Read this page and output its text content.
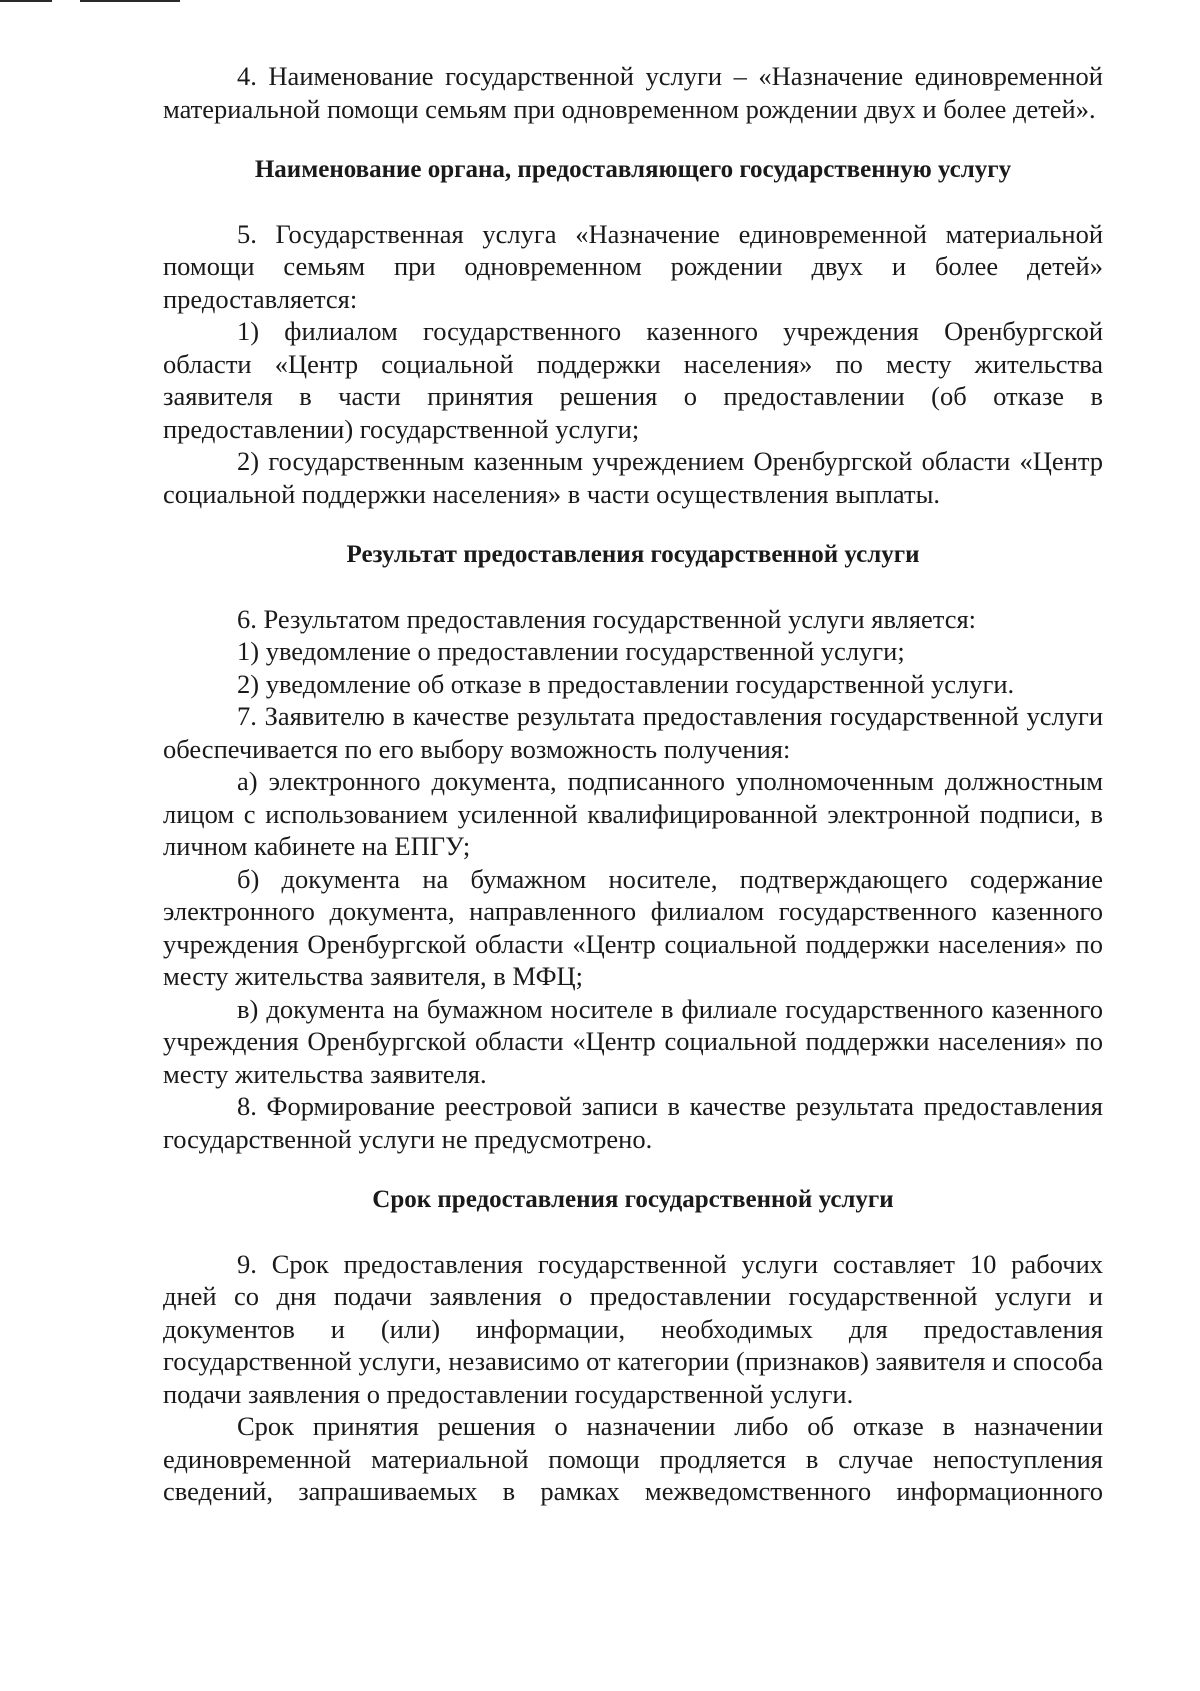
4. Наименование государственной услуги – «Назначение единовременной материальной помощи семьям при одновременном рождении двух и более детей».

Наименование органа, предоставляющего государственную услугу

5. Государственная услуга «Назначение единовременной материальной помощи семьям при одновременном рождении двух и более детей» предоставляется:

1) филиалом государственного казенного учреждения Оренбургской области «Центр социальной поддержки населения» по месту жительства заявителя в части принятия решения о предоставлении (об отказе в предоставлении) государственной услуги;

2) государственным казенным учреждением Оренбургской области «Центр социальной поддержки населения» в части осуществления выплаты.

Результат предоставления государственной услуги

6. Результатом предоставления государственной услуги является:

1) уведомление о предоставлении государственной услуги;

2) уведомление об отказе в предоставлении государственной услуги.

7. Заявителю в качестве результата предоставления государственной услуги обеспечивается по его выбору возможность получения:

а) электронного документа, подписанного уполномоченным должностным лицом с использованием усиленной квалифицированной электронной подписи, в личном кабинете на ЕПГУ;

б) документа на бумажном носителе, подтверждающего содержание электронного документа, направленного филиалом государственного казенного учреждения Оренбургской области «Центр социальной поддержки населения» по месту жительства заявителя, в МФЦ;

в) документа на бумажном носителе в филиале государственного казенного учреждения Оренбургской области «Центр социальной поддержки населения» по месту жительства заявителя.

8. Формирование реестровой записи в качестве результата предоставления государственной услуги не предусмотрено.

Срок предоставления государственной услуги

9. Срок предоставления государственной услуги составляет 10 рабочих дней со дня подачи заявления о предоставлении государственной услуги и документов и (или) информации, необходимых для предоставления государственной услуги, независимо от категории (признаков) заявителя и способа подачи заявления о предоставлении государственной услуги.

Срок принятия решения о назначении либо об отказе в назначении единовременной материальной помощи продляется в случае непоступления сведений, запрашиваемых в рамках межведомственного информационного
